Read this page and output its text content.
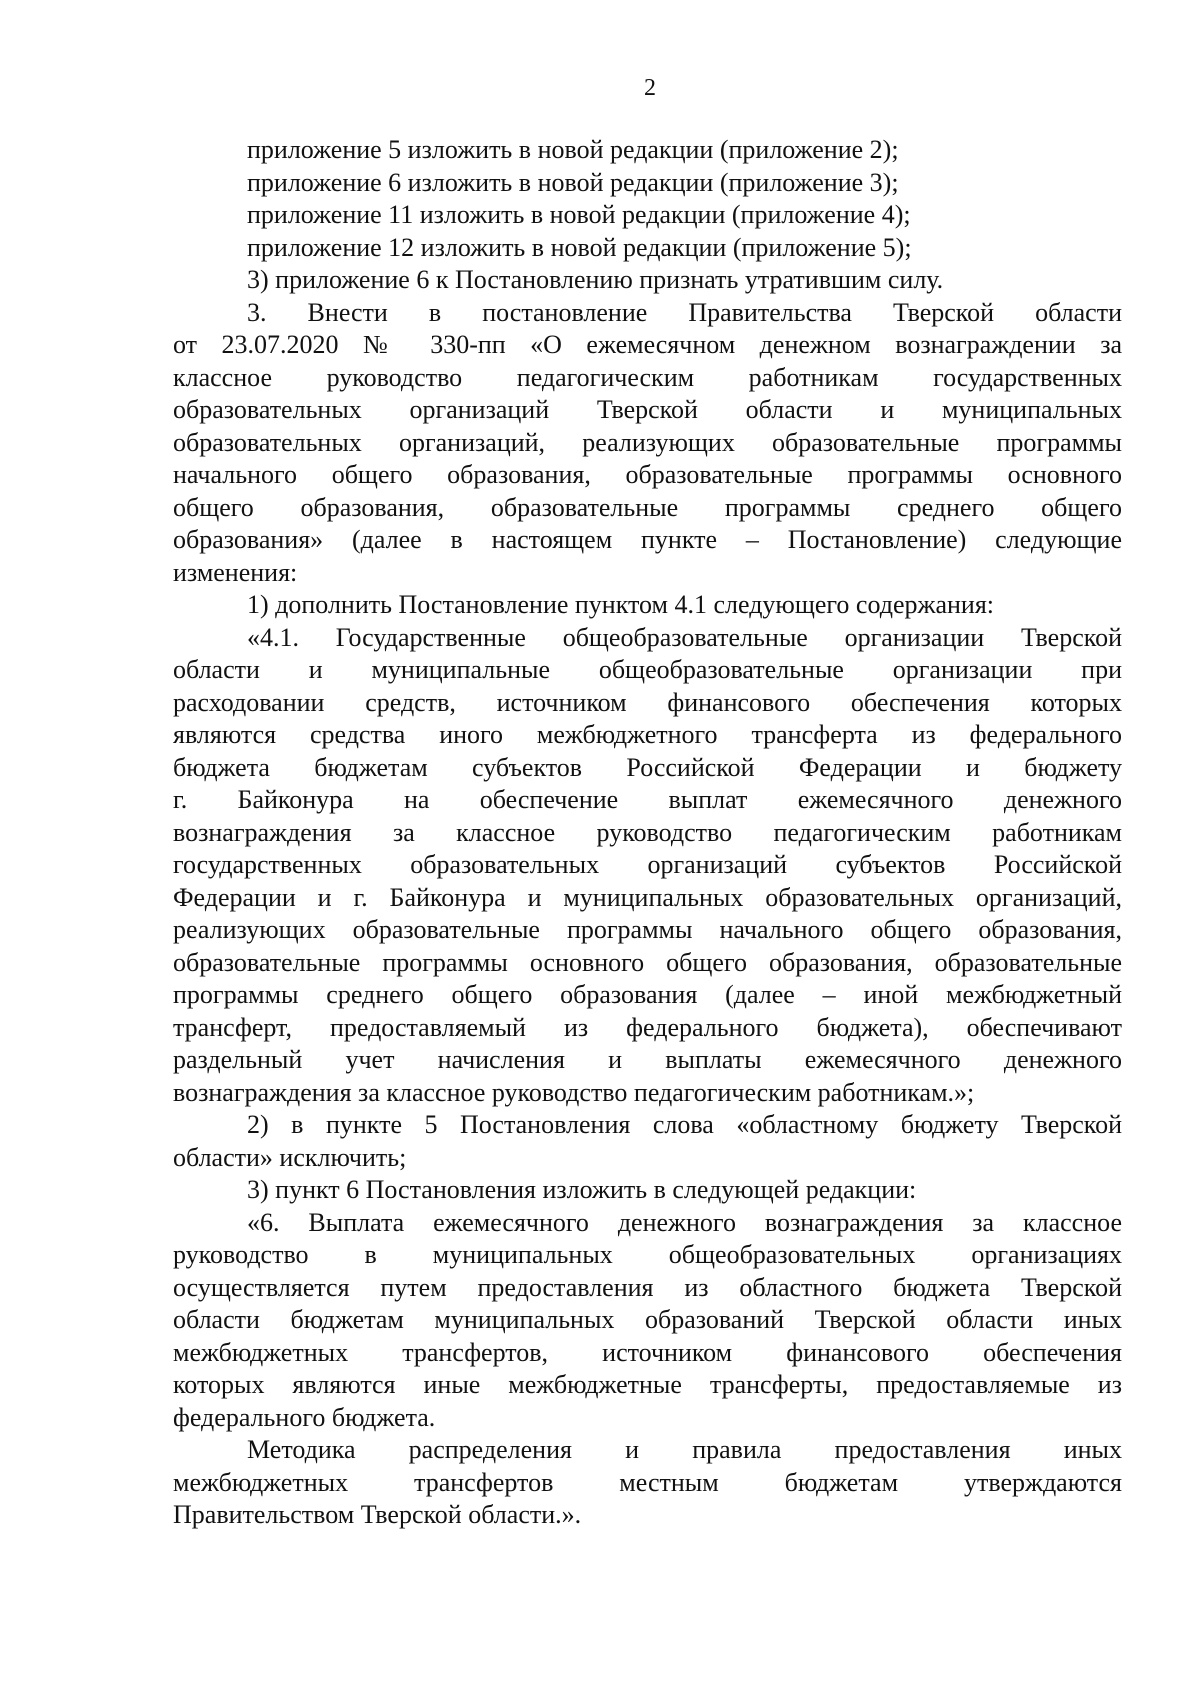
2
приложение 5 изложить в новой редакции (приложение 2);
приложение 6 изложить в новой редакции (приложение 3);
приложение 11 изложить в новой редакции (приложение 4);
приложение 12 изложить в новой редакции (приложение 5);
3) приложение 6 к Постановлению признать утратившим силу.
3. Внести в постановление Правительства Тверской области
от 23.07.2020 № 330-пп «О ежемесячном денежном вознаграждении за
классное руководство педагогическим работникам государственных
образовательных организаций Тверской области и муниципальных
образовательных организаций, реализующих образовательные программы
начального общего образования, образовательные программы основного
общего образования, образовательные программы среднего общего
образования» (далее в настоящем пункте – Постановление) следующие
изменения:
1) дополнить Постановление пунктом 4.1 следующего содержания:
«4.1. Государственные общеобразовательные организации Тверской
области и муниципальные общеобразовательные организации при
расходовании средств, источником финансового обеспечения которых
являются средства иного межбюджетного трансферта из федерального
бюджета бюджетам субъектов Российской Федерации и бюджету
г. Байконура на обеспечение выплат ежемесячного денежного
вознаграждения за классное руководство педагогическим работникам
государственных образовательных организаций субъектов Российской
Федерации и г. Байконура и муниципальных образовательных организаций,
реализующих образовательные программы начального общего образования,
образовательные программы основного общего образования, образовательные
программы среднего общего образования (далее – иной межбюджетный
трансферт, предоставляемый из федерального бюджета), обеспечивают
раздельный учет начисления и выплаты ежемесячного денежного
вознаграждения за классное руководство педагогическим работникам.»;
2) в пункте 5 Постановления слова «областному бюджету Тверской
области» исключить;
3) пункт 6 Постановления изложить в следующей редакции:
«6. Выплата ежемесячного денежного вознаграждения за классное
руководство в муниципальных общеобразовательных организациях
осуществляется путем предоставления из областного бюджета Тверской
области бюджетам муниципальных образований Тверской области иных
межбюджетных трансфертов, источником финансового обеспечения
которых являются иные межбюджетные трансферты, предоставляемые из
федерального бюджета.
Методика распределения и правила предоставления иных
межбюджетных трансфертов местным бюджетам утверждаются
Правительством Тверской области.».
